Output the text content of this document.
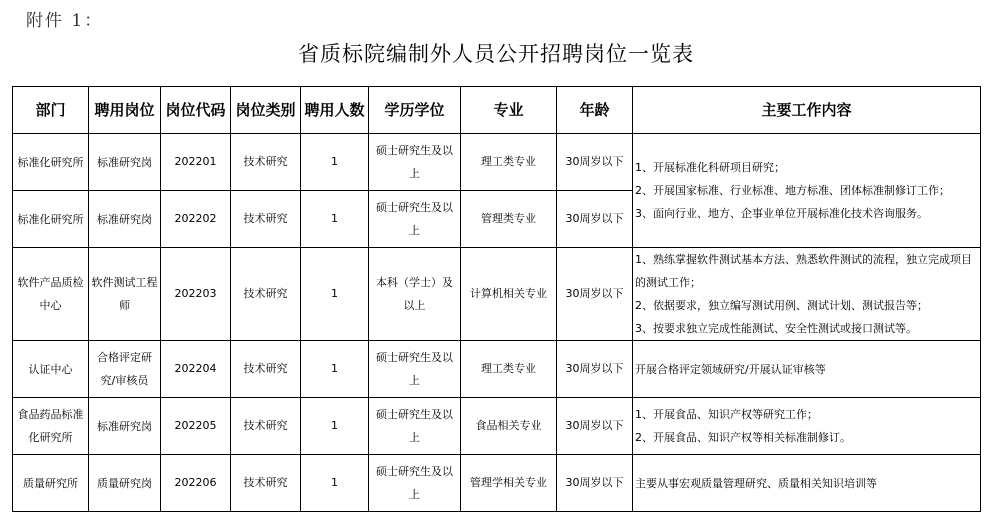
附件 1：
省质标院编制外人员公开招聘岗位一览表
部门	聘用岗位	岗位代码	岗位类别	聘用人数	学历学位	专业	年龄	主要工作内容
标准化研究所	标准研究岗	202201	技术研究	1	硕士研究生及以上	理工类专业	30周岁以下	1、开展标准化科研项目研究；
2、开展国家标准、行业标准、地方标准、团体标准制修订工作；
3、面向行业、地方、企事业单位开展标准化技术咨询服务。

标准化研究所	标准研究岗	202202	技术研究	1	硕士研究生及以上	管理类专业	30周岁以下	
软件产品质检中心	软件测试工程师	202203	技术研究	1	本科（学士）及以上	计算机相关专业	30周岁以下	1、熟练掌握软件测试基本方法、熟悉软件测试的流程，独立完成项目的测试工作；
2、依据要求，独立编写测试用例、测试计划、测试报告等；
3、按要求独立完成性能测试、安全性测试或接口测试等。

认证中心	合格评定研究/审核员	202204	技术研究	1	硕士研究生及以上	理工类专业	30周岁以下	开展合格评定领域研究/开展认证审核等

食品药品标准化研究所	标准研究岗	202205	技术研究	1	硕士研究生及以上	食品相关专业	30周岁以下	1、开展食品、知识产权等研究工作；
2、开展食品、知识产权等相关标准制修订。

质量研究所	质量研究岗	202206	技术研究	1	硕士研究生及以上	管理学相关专业	30周岁以下	主要从事宏观质量管理研究、质量相关知识培训等
